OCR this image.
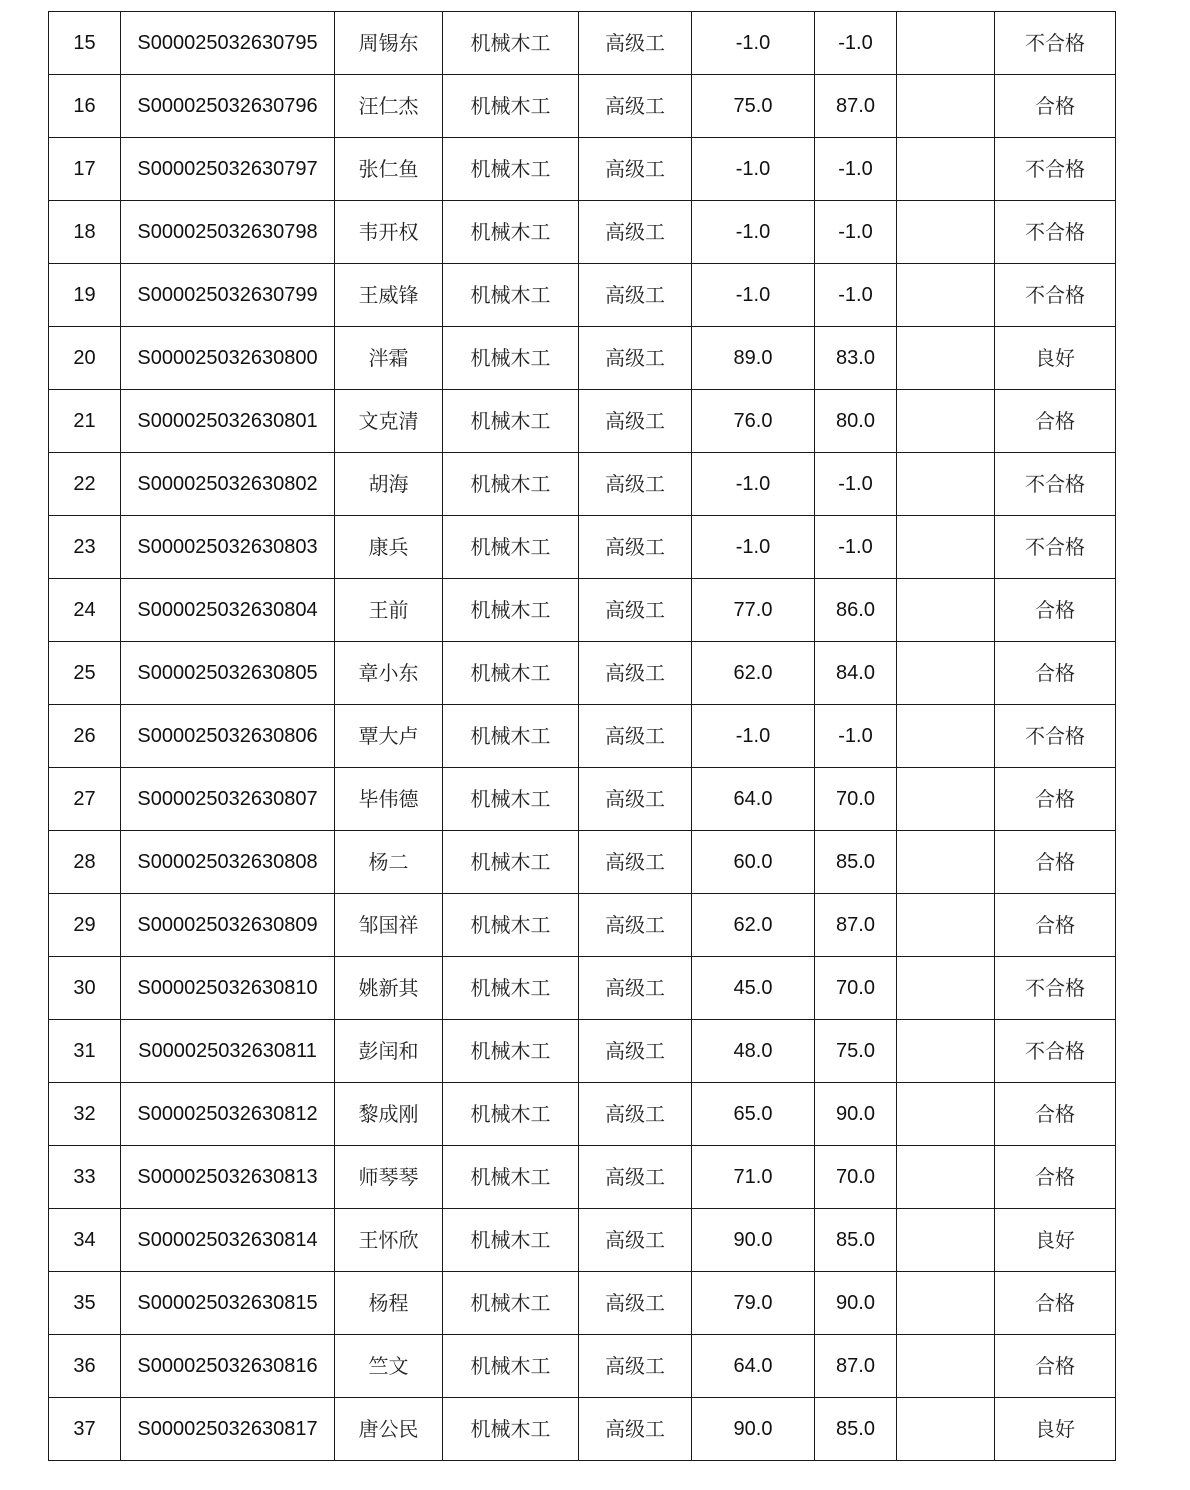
15	S000025032630795	周锡东	机械木工	高级工	-1.0	-1.0		不合格
16	S000025032630796	汪仁杰	机械木工	高级工	75.0	87.0		合格
17	S000025032630797	张仁鱼	机械木工	高级工	-1.0	-1.0		不合格
18	S000025032630798	韦开权	机械木工	高级工	-1.0	-1.0		不合格
19	S000025032630799	王威锋	机械木工	高级工	-1.0	-1.0		不合格
20	S000025032630800	泮霜	机械木工	高级工	89.0	83.0		良好
21	S000025032630801	文克清	机械木工	高级工	76.0	80.0		合格
22	S000025032630802	胡海	机械木工	高级工	-1.0	-1.0		不合格
23	S000025032630803	康兵	机械木工	高级工	-1.0	-1.0		不合格
24	S000025032630804	王前	机械木工	高级工	77.0	86.0		合格
25	S000025032630805	章小东	机械木工	高级工	62.0	84.0		合格
26	S000025032630806	覃大卢	机械木工	高级工	-1.0	-1.0		不合格
27	S000025032630807	毕伟德	机械木工	高级工	64.0	70.0		合格
28	S000025032630808	杨二	机械木工	高级工	60.0	85.0		合格
29	S000025032630809	邹国祥	机械木工	高级工	62.0	87.0		合格
30	S000025032630810	姚新其	机械木工	高级工	45.0	70.0		不合格
31	S000025032630811	彭闰和	机械木工	高级工	48.0	75.0		不合格
32	S000025032630812	黎成刚	机械木工	高级工	65.0	90.0		合格
33	S000025032630813	师琴琴	机械木工	高级工	71.0	70.0		合格
34	S000025032630814	王怀欣	机械木工	高级工	90.0	85.0		良好
35	S000025032630815	杨程	机械木工	高级工	79.0	90.0		合格
36	S000025032630816	竺文	机械木工	高级工	64.0	87.0		合格
37	S000025032630817	唐公民	机械木工	高级工	90.0	85.0		良好
